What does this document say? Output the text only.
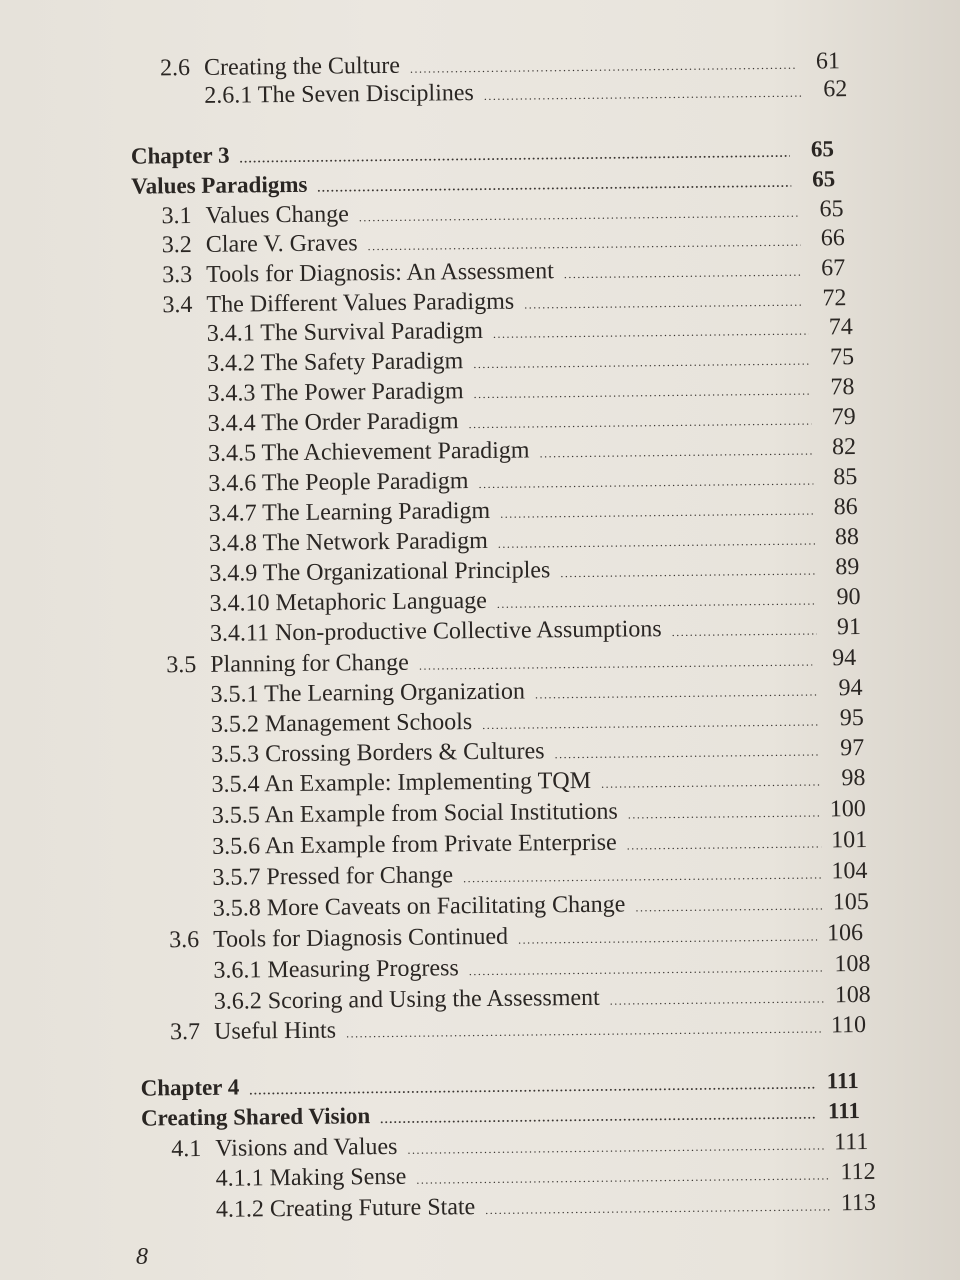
2.6 Creating the Culture .....	61
2.6.1 The Seven Disciplines .....	62
Chapter 3 .....	65
Values Paradigms .....	65
3.1 Values Change .....	65
3.2 Clare V. Graves .....	66
3.3 Tools for Diagnosis: An Assessment .....	67
3.4 The Different Values Paradigms .....	72
3.4.1 The Survival Paradigm .....	74
3.4.2 The Safety Paradigm .....	75
3.4.3 The Power Paradigm .....	78
3.4.4 The Order Paradigm .....	79
3.4.5 The Achievement Paradigm .....	82
3.4.6 The People Paradigm .....	85
3.4.7 The Learning Paradigm .....	86
3.4.8 The Network Paradigm .....	88
3.4.9 The Organizational Principles .....	89
3.4.10 Metaphoric Language .....	90
3.4.11 Non-productive Collective Assumptions .....	91
3.5 Planning for Change .....	94
3.5.1 The Learning Organization .....	94
3.5.2 Management Schools .....	95
3.5.3 Crossing Borders & Cultures .....	97
3.5.4 An Example: Implementing TQM .....	98
3.5.5 An Example from Social Institutions .....	100
3.5.6 An Example from Private Enterprise .....	101
3.5.7 Pressed for Change .....	104
3.5.8 More Caveats on Facilitating Change .....	105
3.6 Tools for Diagnosis Continued .....	106
3.6.1 Measuring Progress .....	108
3.6.2 Scoring and Using the Assessment .....	108
3.7 Useful Hints .....	110
Chapter 4 .....	111
Creating Shared Vision .....	111
4.1 Visions and Values .....	111
4.1.1 Making Sense .....	112
4.1.2 Creating Future State .....	113
8
